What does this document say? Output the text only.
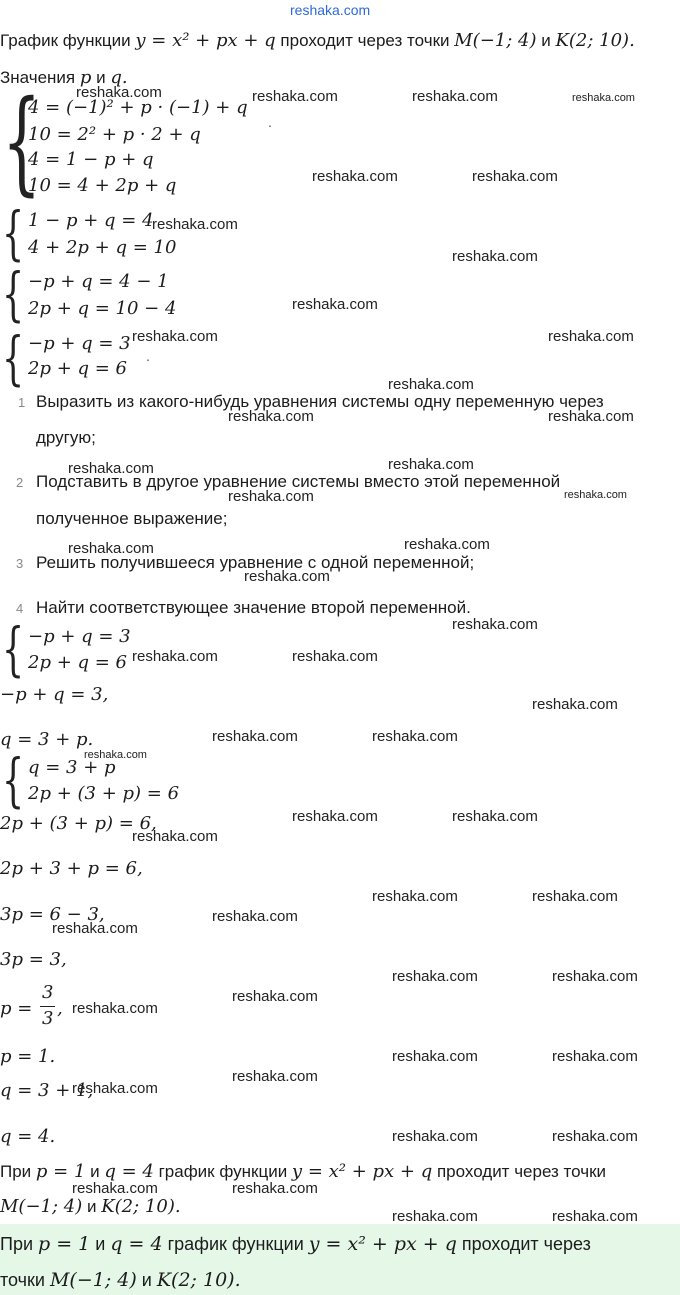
reshaka.com
График функции y = x² + px + q проходит через точки M(−1; 4) и K(2; 10).
Значения p и q.
{
4 = (−1)² + p · (−1) + q
10 = 2² + p · 2 + q
.
4 = 1 − p + q
10 = 4 + 2p + q
{ 1 − p + q = 4
4 + 2p + q = 10
{ −p + q = 4 − 1
2p + q = 10 − 4
{ −p + q = 3
2p + q = 6
.
1 Выразить из какого-нибудь уравнения системы одну переменную через
другую;
2 Подставить в другое уравнение системы вместо этой переменной
полученное выражение;
3 Решить получившееся уравнение с одной переменной;
4 Найти соответствующее значение второй переменной.
{ −p + q = 3
2p + q = 6
−p + q = 3,
q = 3 + p.
{ q = 3 + p
2p + (3 + p) = 6
2p + (3 + p) = 6,
2p + 3 + p = 6,
3p = 6 − 3,
3p = 3,
p =
3
3 ,
p = 1.
q = 3 + 1,
q = 4.
При p = 1 и q = 4 график функции y = x² + px + q проходит через точки
M(−1; 4) и K(2; 10).
При p = 1 и q = 4 график функции y = x² + px + q проходит через
точки M(−1; 4) и K(2; 10).
reshaka.com	reshaka.com	reshaka.com	reshaka.com
reshaka.com	reshaka.com
reshaka.com
reshaka.com
reshaka.com
reshaka.com	reshaka.com
reshaka.com
reshaka.com	reshaka.com
reshaka.com	reshaka.com
reshaka.com	reshaka.com
reshaka.com	reshaka.com
reshaka.com
reshaka.com
reshaka.com	reshaka.com
reshaka.com
reshaka.com	reshaka.com
reshaka.com
reshaka.com	reshaka.com
reshaka.com
reshaka.com	reshaka.com
reshaka.com
reshaka.com
reshaka.com	reshaka.com
reshaka.com
reshaka.com
reshaka.com	reshaka.com
reshaka.com
reshaka.com
reshaka.com	reshaka.com
reshaka.com	reshaka.com
reshaka.com	reshaka.com
